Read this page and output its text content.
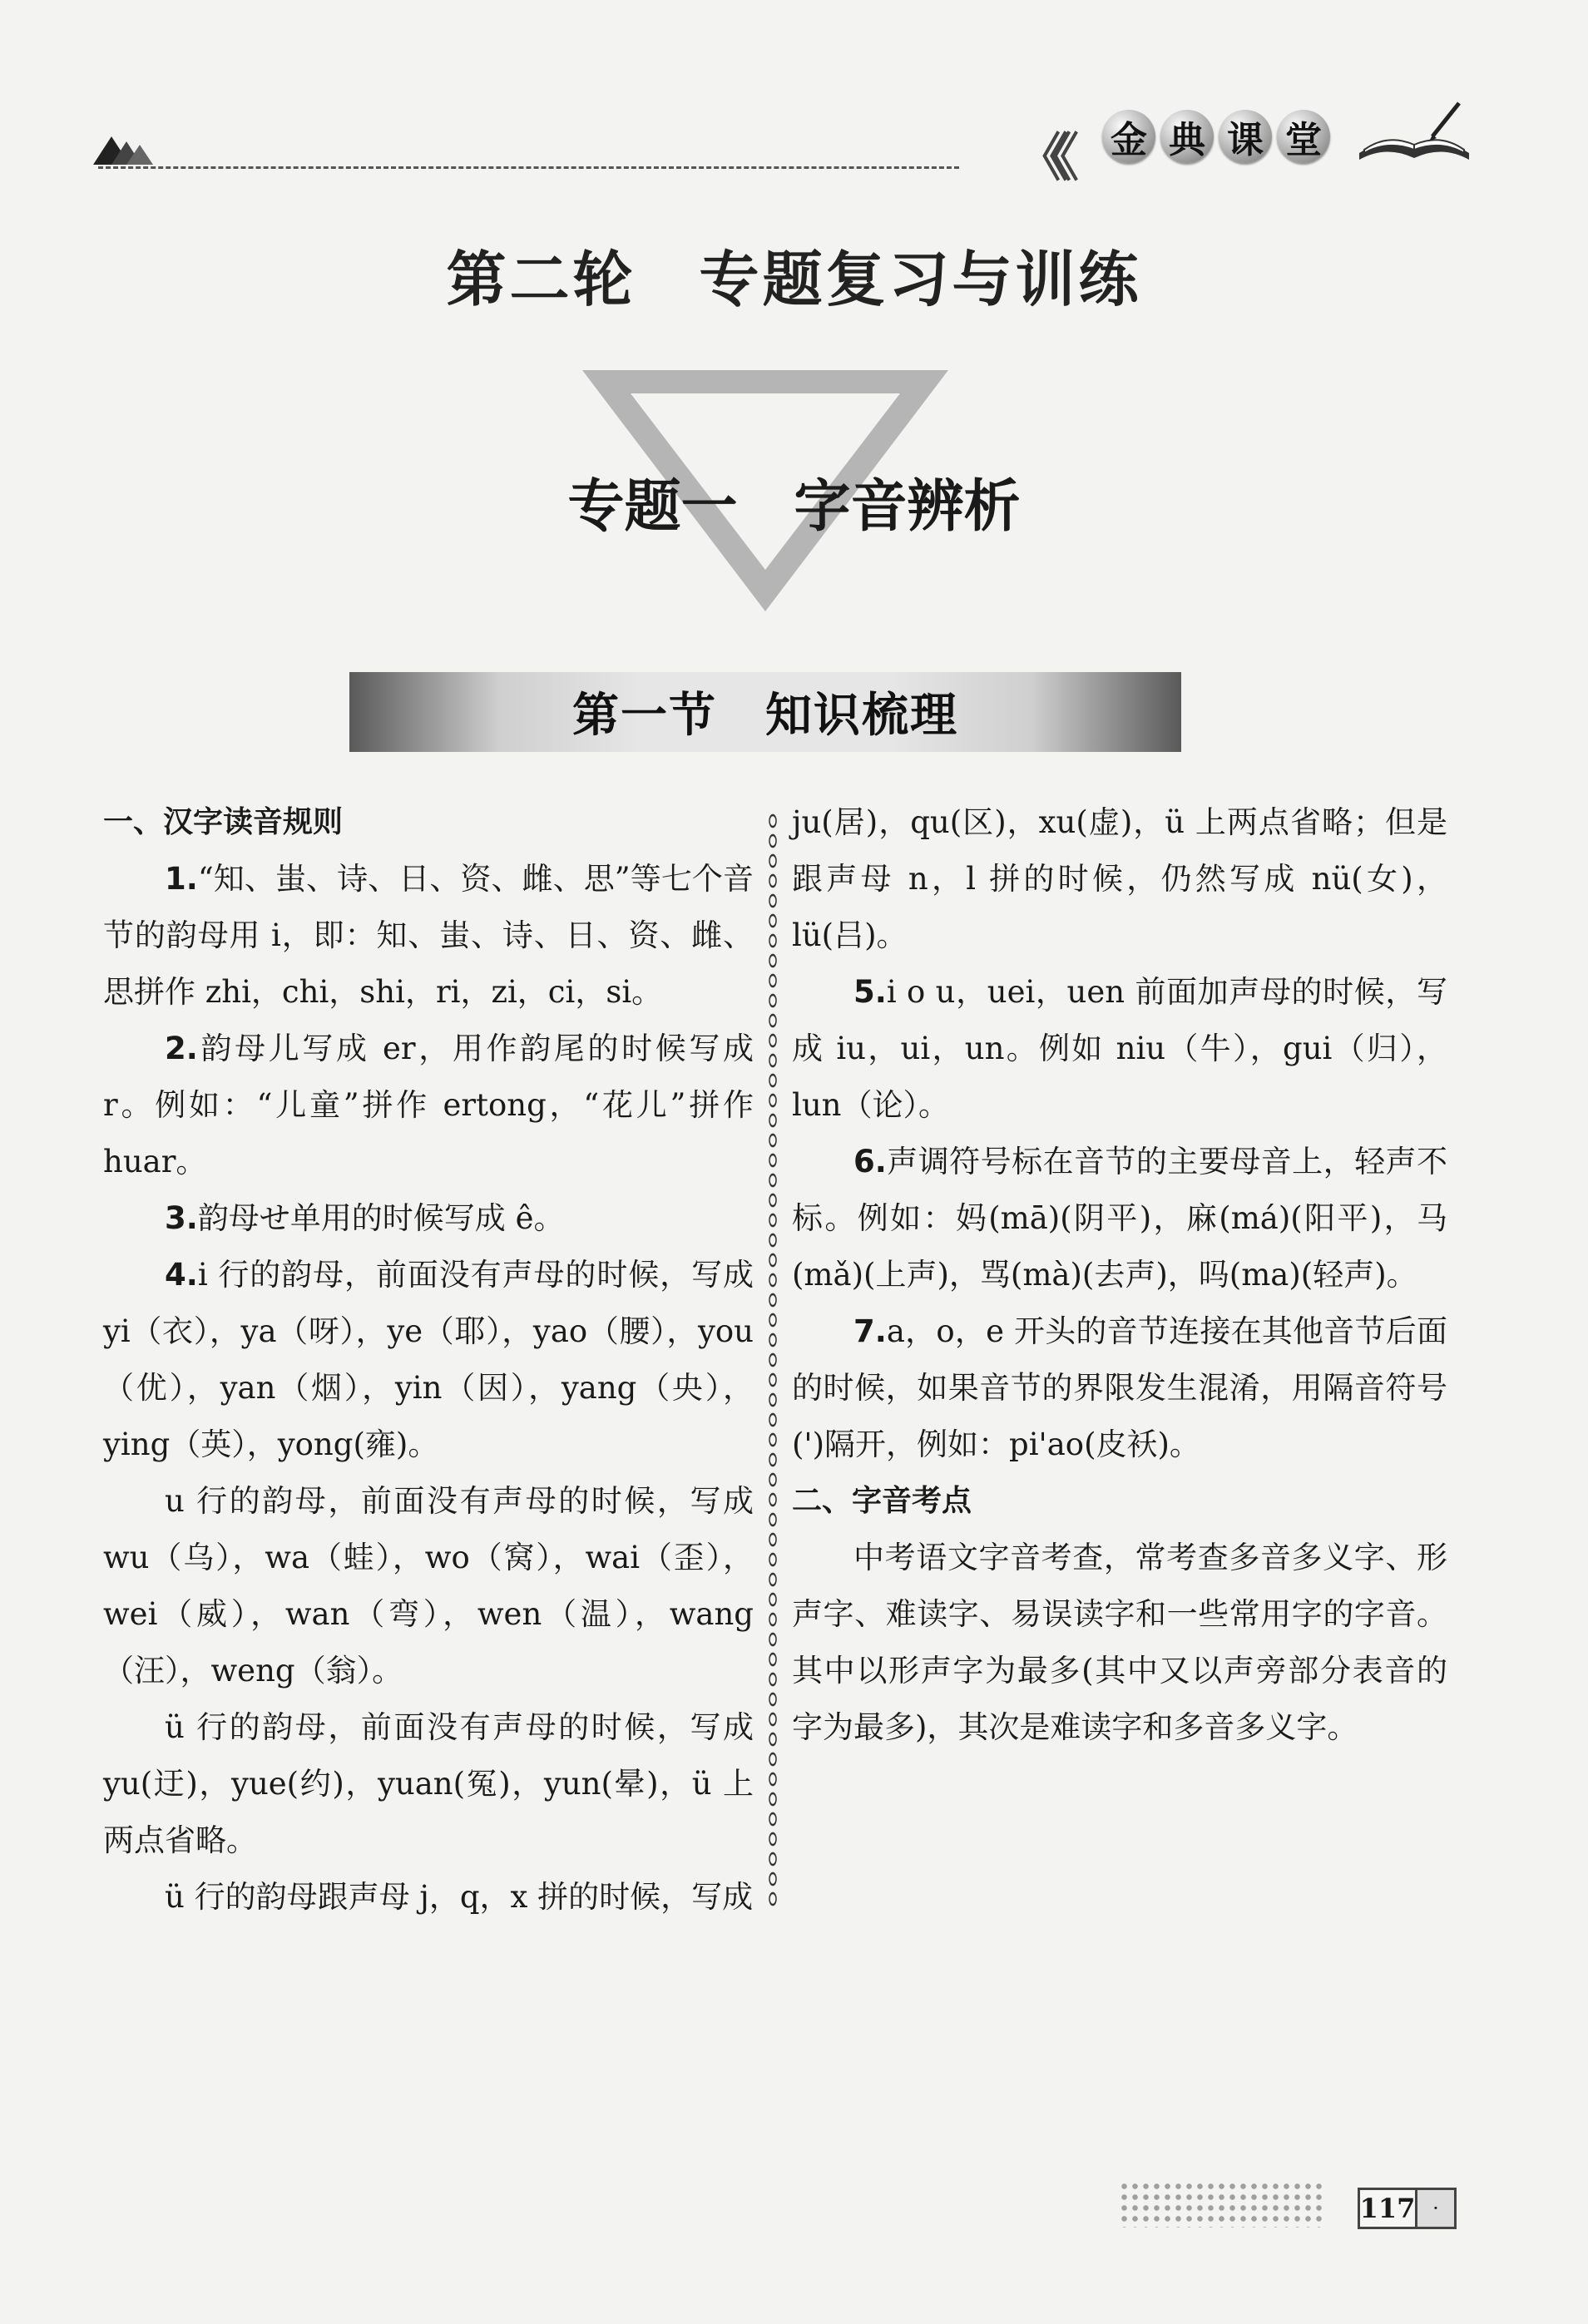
《《 金 典 课 堂
第二轮　专题复习与训练
专题一　字音辨析
第一节　知识梳理
一、汉字读音规则

1.“知、蚩、诗、日、资、雌、思”等七个音节的韵母用 i，即：知、蚩、诗、日、资、雌、思拼作 zhi，chi，shi，ri，zi，ci，si。

2.韵母儿写成 er，用作韵尾的时候写成 r。例如：“儿童”拼作 ertong，“花儿”拼作 huar。

3.韵母せ单用的时候写成 ê。

4.i 行的韵母，前面没有声母的时候，写成 yi（衣），ya（呀），ye（耶），yao（腰），you（优），yan（烟），yin（因），yang（央），ying（英），yong(雍)。

u 行的韵母，前面没有声母的时候，写成 wu（乌），wa（蛙），wo（窝），wai（歪），wei（威），wan（弯），wen（温），wang（汪），weng（翁）。

ü 行的韵母，前面没有声母的时候，写成 yu(迂)，yue(约)，yuan(冤)，yun(晕)，ü 上两点省略。

ü 行的韵母跟声母 j，q，x 拼的时候，写成

ju(居)，qu(区)，xu(虚)，ü 上两点省略；但是跟声母 n，l 拼的时候，仍然写成 nü(女)，lü(吕)。

5.i o u，uei，uen 前面加声母的时候，写成 iu，ui，un。例如 niu（牛），gui（归），lun（论）。

6.声调符号标在音节的主要母音上，轻声不标。例如：妈(mā)(阴平)，麻(má)(阳平)，马(mǎ)(上声)，骂(mà)(去声)，吗(ma)(轻声)。

7.a，o，e 开头的音节连接在其他音节后面的时候，如果音节的界限发生混淆，用隔音符号(')隔开，例如：pi'ao(皮袄)。

二、字音考点

中考语文字音考查，常考查多音多义字、形声字、难读字、易误读字和一些常用字的字音。其中以形声字为最多(其中又以声旁部分表音的字为最多)，其次是难读字和多音多义字。

117 ·
